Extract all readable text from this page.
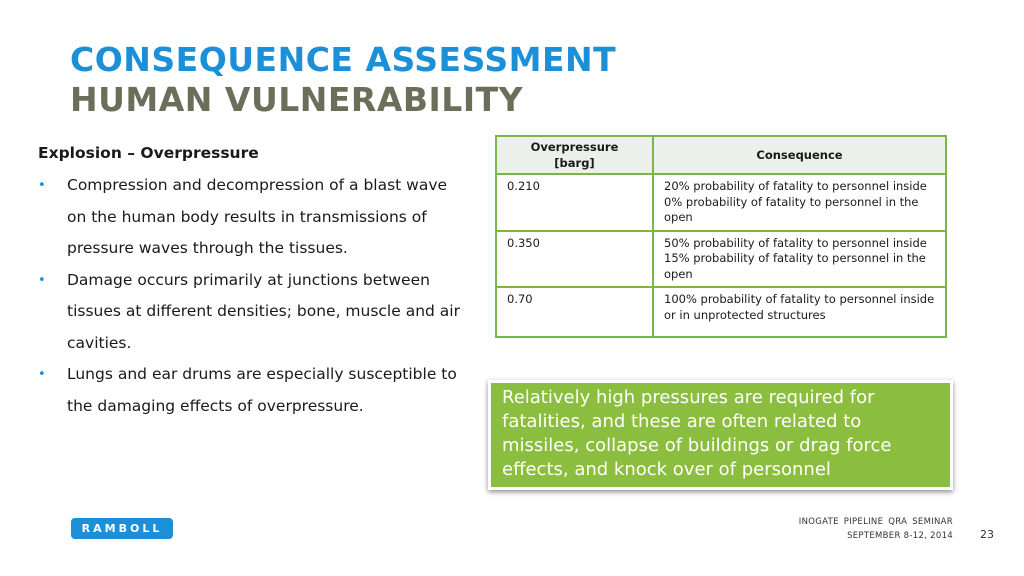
CONSEQUENCE ASSESSMENT
HUMAN VULNERABILITY
Explosion – Overpressure
• Compression and decompression of a blast wave on the human body results in transmissions of pressure waves through the tissues.
• Damage occurs primarily at junctions between tissues at different densities; bone, muscle and air cavities.
• Lungs and ear drums are especially susceptible to the damaging effects of overpressure.
Overpressure
[barg]	Consequence
0.210	20% probability of fatality to personnel inside
0% probability of fatality to personnel in the open

0.350	50% probability of fatality to personnel inside
15% probability of fatality to personnel in the open

0.70	100% probability of fatality to personnel inside or in unprotected structures
Relatively high pressures are required for fatalities, and these are often related to missiles, collapse of buildings or drag force effects, and knock over of personnel
RAMBOLL	INOGATE PIPELINE QRA SEMINAR
SEPTEMBER 8-12, 2014 23
